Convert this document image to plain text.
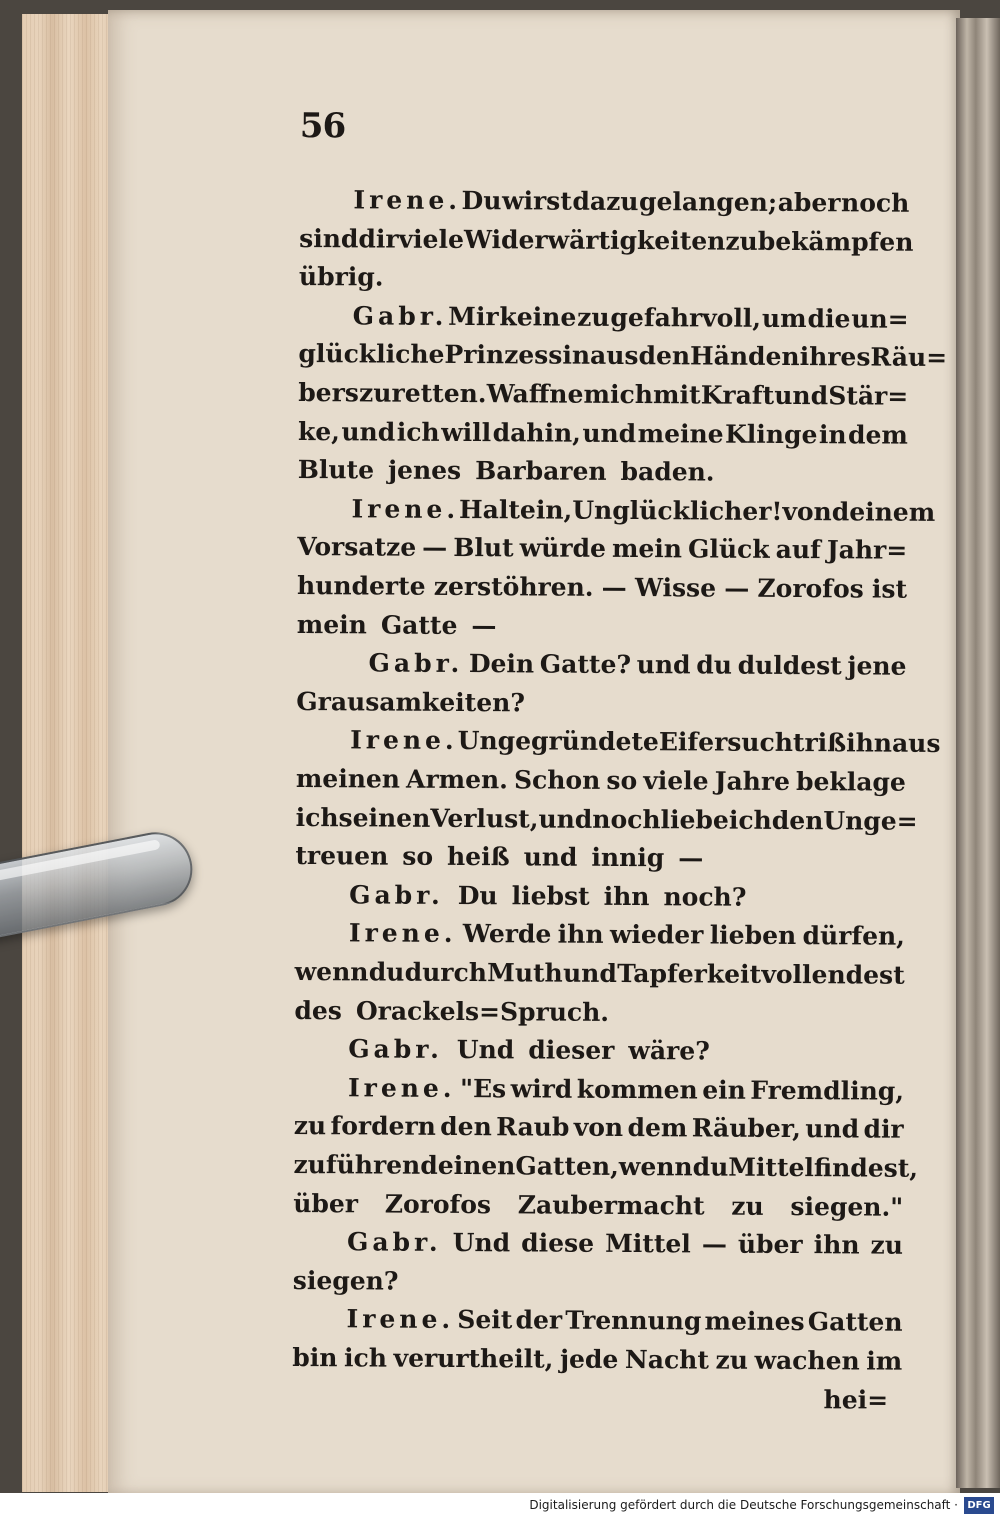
56
Irene. Du wirst dazu gelangen; aber noch
sind dir viele Widerwärtigkeiten zu bekämpfen
übrig.
Gabr. Mir keine zu gefahrvoll, um die un=
glückliche Prinzessin aus den Händen ihres Räu=
bers zu retten. Waffne mich mit Kraft und Stär=
ke, und ich will dahin, und meine Klinge in dem
Blute jenes Barbaren baden.
Irene. Halt ein, Unglücklicher! von deinem
Vorsatze — Blut würde mein Glück auf Jahr=
hunderte zerstöhren. — Wisse — Zorofos ist
mein Gatte —
Gabr. Dein Gatte? und du duldest jene
Grausamkeiten?
Irene. Ungegründete Eifersucht riß ihn aus
meinen Armen. Schon so viele Jahre beklage
ich seinen Verlust, und noch liebe ich den Unge=
treuen so heiß und innig —
Gabr. Du liebst ihn noch?
Irene. Werde ihn wieder lieben dürfen,
wenn du durch Muth und Tapferkeit vollendest
des Orackels=Spruch.
Gabr. Und dieser wäre?
Irene. "Es wird kommen ein Fremdling,
zu fordern den Raub von dem Räuber, und dir
zuführen deinen Gatten, wenn du Mittel findest,
über Zorofos Zaubermacht zu siegen."
Gabr. Und diese Mittel — über ihn zu
siegen?
Irene. Seit der Trennung meines Gatten
bin ich verurtheilt, jede Nacht zu wachen im
hei=
Digitalisierung gefördert durch die Deutsche Forschungsgemeinschaft · DFG
